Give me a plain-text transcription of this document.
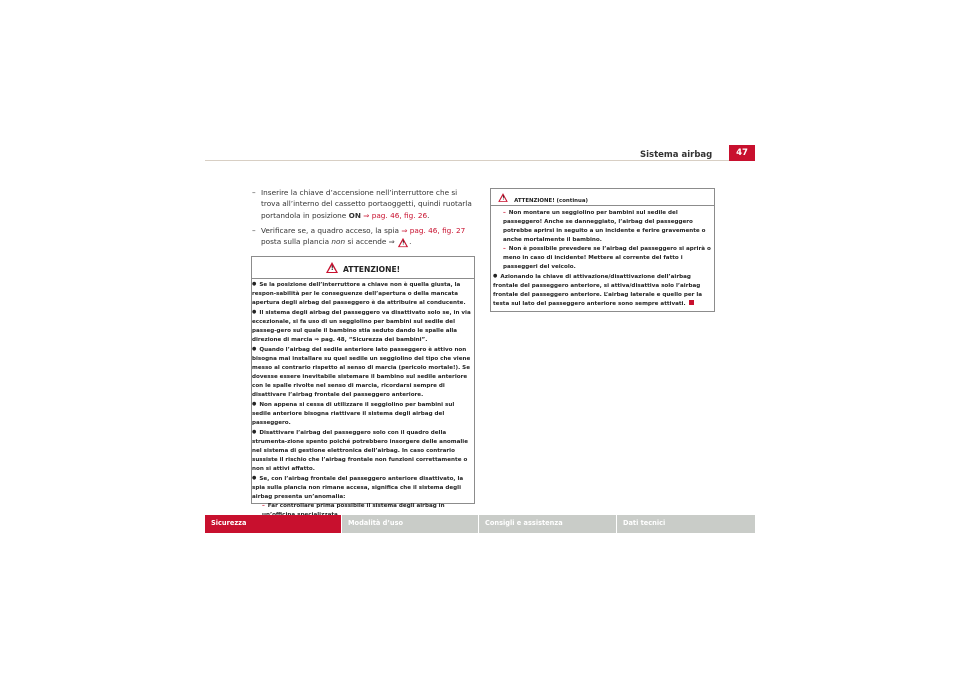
Sistema airbag	47
– Inserire la chiave d’accensione nell’interruttore che si trova all’interno del cassetto portaoggetti, quindi ruotarla portandola in posizione ON ⇒ pag. 46, fig. 26.
– Verificare se, a quadro acceso, la spia ⇒ pag. 46, fig. 27 posta sulla plancia non si accende ⇒ ! .
! ATTENZIONE!

● Se la posizione dell’interruttore a chiave non è quella giusta, la respon-sabilità per le conseguenze dell’apertura o della mancata apertura degli airbag del passeggero è da attribuire al conducente.

● Il sistema degli airbag del passeggero va disattivato solo se, in via eccezionale, si fa uso di un seggiolino per bambini sul sedile del passeg-gero sul quale il bambino stia seduto dando le spalle alla direzione di marcia ⇒ pag. 48, “Sicurezza dei bambini”.

● Quando l’airbag del sedile anteriore lato passeggero è attivo non bisogna mai installare su quel sedile un seggiolino del tipo che viene messo al contrario rispetto al senso di marcia (pericolo mortale!). Se dovesse essere inevitabile sistemare il bambino sul sedile anteriore con le spalle rivolte nel senso di marcia, ricordarsi sempre di disattivare l’airbag frontale del passeggero anteriore.

● Non appena si cessa di utilizzare il seggiolino per bambini sul sedile anteriore bisogna riattivare il sistema degli airbag del passeggero.

● Disattivare l’airbag del passeggero solo con il quadro della strumenta-zione spento poiché potrebbero insorgere delle anomalie nel sistema di gestione elettronica dell’airbag. In caso contrario sussiste il rischio che l’airbag frontale non funzioni correttamente o non si attivi affatto.

● Se, con l’airbag frontale del passeggero anteriore disattivato, la spia sulla plancia non rimane accesa, significa che il sistema degli airbag presenta un’anomalia:

– Far controllare prima possibile il sistema degli airbag in

!
ATTENZIONE! (continua)

– Non montare un seggiolino per bambini sul sedile del passeggero! Anche se danneggiato, l’airbag del passeggero potrebbe aprirsi in seguito a un incidente e ferire gravemente o anche mortalmente il bambino.

– Non è possibile prevedere se l’airbag del passeggero si aprirà o meno in caso di incidente! Mettere al corrente del fatto i passeggeri del veicolo.

● Azionando la chiave di attivazione/disattivazione dell’airbag frontale del passeggero anteriore, si attiva/disattiva solo l’airbag frontale del passeggero anteriore. L’airbag laterale e quello per la testa sul lato del passeggero anteriore sono sempre attivati.

Sicurezza	Modalità d’uso	Consigli e assistenza	Dati tecnici
